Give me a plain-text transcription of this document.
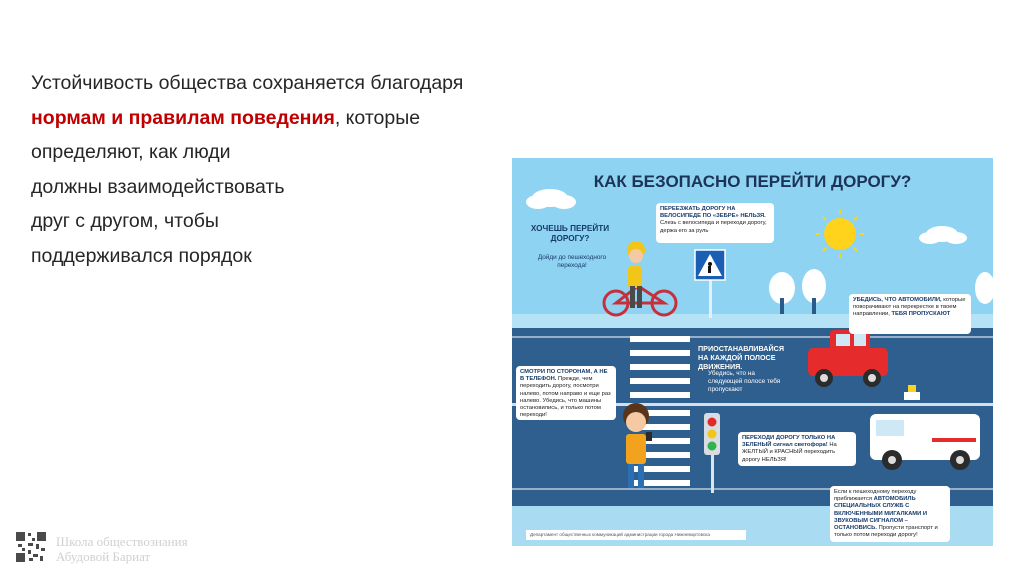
Устойчивость общества сохраняется благодаря
нормам и правилам поведения, которые
определяют, как люди
должны взаимодействовать
друг с другом, чтобы
поддерживался порядок
КАК БЕЗОПАСНО ПЕРЕЙТИ ДОРОГУ?
ХОЧЕШЬ ПЕРЕЙТИ ДОРОГУ?
Дойди до пешеходного перехода!
ПЕРЕЕЗЖАТЬ ДОРОГУ НА ВЕЛОСИПЕДЕ ПО «ЗЕБРЕ» НЕЛЬЗЯ. Слезь с велосипеда и переходи дорогу, держа его за руль
ПРИОСТАНАВЛИВАЙСЯ НА КАЖДОЙ ПОЛОСЕ ДВИЖЕНИЯ.
Убедись, что на следующей полосе тебя пропускают
УБЕДИСЬ, ЧТО АВТОМОБИЛИ, которые поворачивают на перекрестке в твоем направлении, ТЕБЯ ПРОПУСКАЮТ
СМОТРИ ПО СТОРОНАМ, А НЕ В ТЕЛЕФОН. Прежде, чем переходить дорогу, посмотри налево, потом направо и еще раз налево. Убедись, что машины остановились, и только потом переходи!
ПЕРЕХОДИ ДОРОГУ ТОЛЬКО НА ЗЕЛЕНЫЙ сигнал светофора! На ЖЕЛТЫЙ и КРАСНЫЙ переходить дорогу НЕЛЬЗЯ!
Если к пешеходному переходу приближается АВТОМОБИЛЬ СПЕЦИАЛЬНЫХ СЛУЖБ С ВКЛЮЧЕННЫМИ МИГАЛКАМИ И ЗВУКОВЫМ СИГНАЛОМ – ОСТАНОВИСЬ. Пропусти транспорт и только потом переходи дорогу!
Департамент общественных коммуникаций администрации города Нижневартовска
Школа обществознания
Абудовой Бариат
